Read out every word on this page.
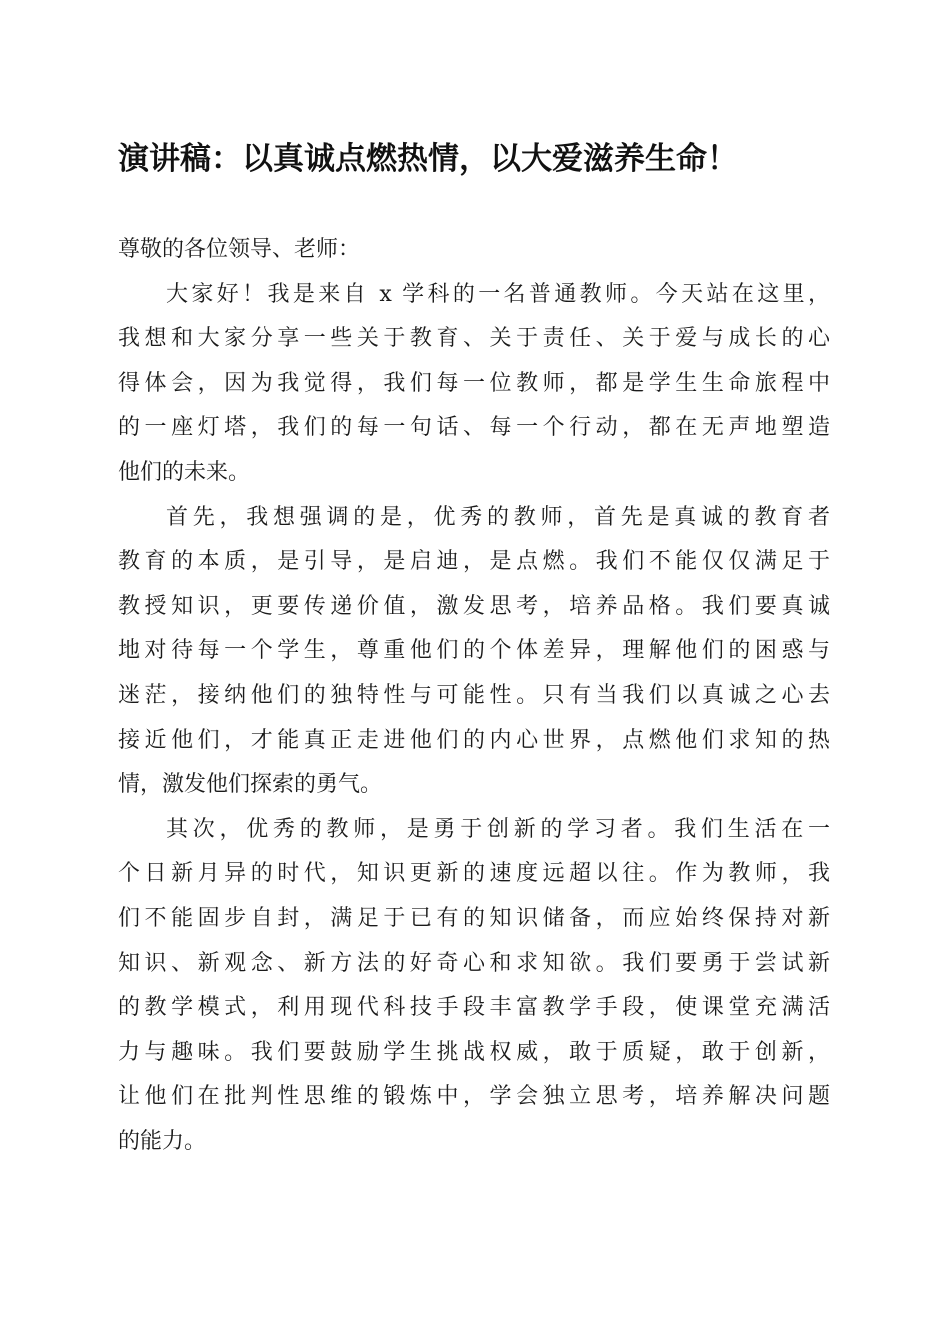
演讲稿：以真诚点燃热情，以大爱滋养生命！

尊敬的各位领导、老师：

大家好！我是来自 x 学科的一名普通教师。今天站在这里，

我想和大家分享一些关于教育、关于责任、关于爱与成长的心

得体会，因为我觉得，我们每一位教师，都是学生生命旅程中

的一座灯塔，我们的每一句话、每一个行动，都在无声地塑造

他们的未来。

首先，我想强调的是，优秀的教师，首先是真诚的教育者

教育的本质，是引导，是启迪，是点燃。我们不能仅仅满足于

教授知识，更要传递价值，激发思考，培养品格。我们要真诚

地对待每一个学生，尊重他们的个体差异，理解他们的困惑与

迷茫，接纳他们的独特性与可能性。只有当我们以真诚之心去

接近他们，才能真正走进他们的内心世界，点燃他们求知的热

情，激发他们探索的勇气。

其次，优秀的教师，是勇于创新的学习者。我们生活在一

个日新月异的时代，知识更新的速度远超以往。作为教师，我

们不能固步自封，满足于已有的知识储备，而应始终保持对新

知识、新观念、新方法的好奇心和求知欲。我们要勇于尝试新

的教学模式，利用现代科技手段丰富教学手段，使课堂充满活

力与趣味。我们要鼓励学生挑战权威，敢于质疑，敢于创新，

让他们在批判性思维的锻炼中，学会独立思考，培养解决问题

的能力。
